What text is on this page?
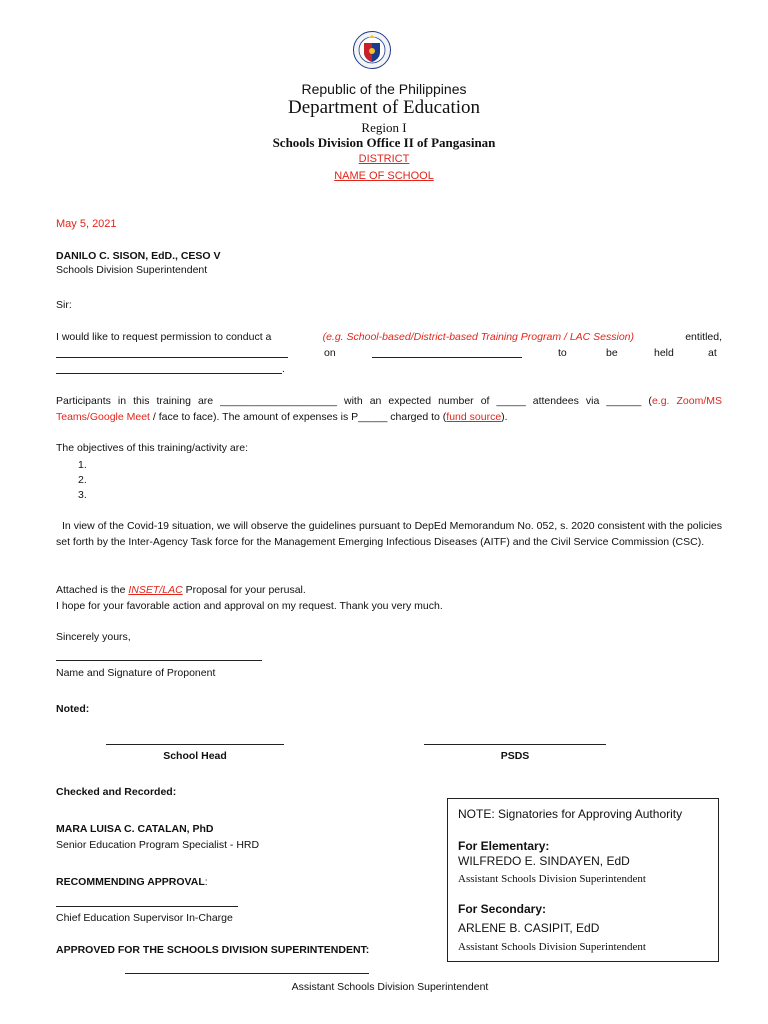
Republic of the Philippines
Department of Education
Region I
Schools Division Office II of Pangasinan
DISTRICT
NAME OF SCHOOL
May 5, 2021
DANILO C. SISON, EdD., CESO V
Schools Division Superintendent
Sir:
I would like to request permission to conduct a	(e.g. School-based/District-based Training Program / LAC Session)	entitled,
on	to	be	held	at
.
Participants in this training are ____________________ with an expected number of _____ attendees via ______ (e.g. Zoom/MS Teams/Google Meet / face to face). The amount of expenses is P_____ charged to (fund source).
The objectives of this training/activity are:
1.
2.
3.
In view of the Covid-19 situation, we will observe the guidelines pursuant to DepEd Memorandum No. 052, s. 2020 consistent with the policies set forth by the Inter-Agency Task force for the Management Emerging Infectious Diseases (AITF) and the Civil Service Commission (CSC).
Attached is the INSET/LAC Proposal for your perusal.
I hope for your favorable action and approval on my request. Thank you very much.
Sincerely yours,
Name and Signature of Proponent
Noted:
School Head	PSDS
Checked and Recorded:
MARA LUISA C. CATALAN, PhD
Senior Education Program Specialist - HRD
RECOMMENDING APPROVAL:
Chief Education Supervisor In-Charge
APPROVED FOR THE SCHOOLS DIVISION SUPERINTENDENT:
Assistant Schools Division Superintendent
NOTE: Signatories for Approving Authority
For Elementary:
WILFREDO E. SINDAYEN, EdD
Assistant Schools Division Superintendent
For Secondary:
ARLENE B. CASIPIT, EdD
Assistant Schools Division Superintendent
